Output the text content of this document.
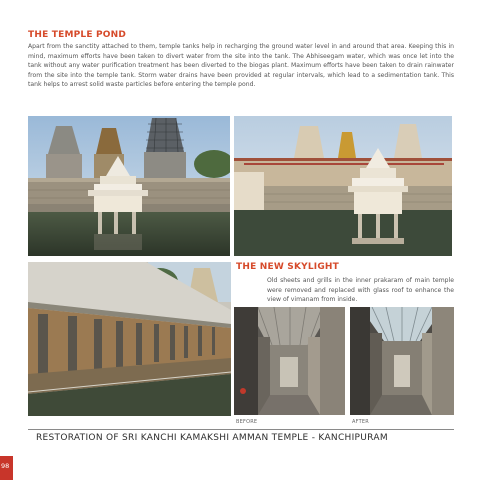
THE TEMPLE POND
Apart from the sanctity attached to them, temple tanks help in recharging the ground water level in and around that area. Keeping this in mind, maximum efforts have been taken to divert water from the site into the tank. The Abhiseegam water, which was once let into the tank without any water purification treatment has been diverted to the biogas plant. Maximum efforts have been taken to drain rainwater from the site into the temple tank. Storm water drains have been provided at regular intervals, which lead to a sedimentation tank. This tank helps to arrest solid waste particles before entering the temple pond.
THE NEW SKYLIGHT
Old sheets and grills in the inner prakaram of main temple were removed and replaced with glass roof to enhance the view of vimanam from inside.
BEFORE	AFTER
RESTORATION OF SRI KANCHI KAMAKSHI AMMAN TEMPLE - KANCHIPURAM
98
